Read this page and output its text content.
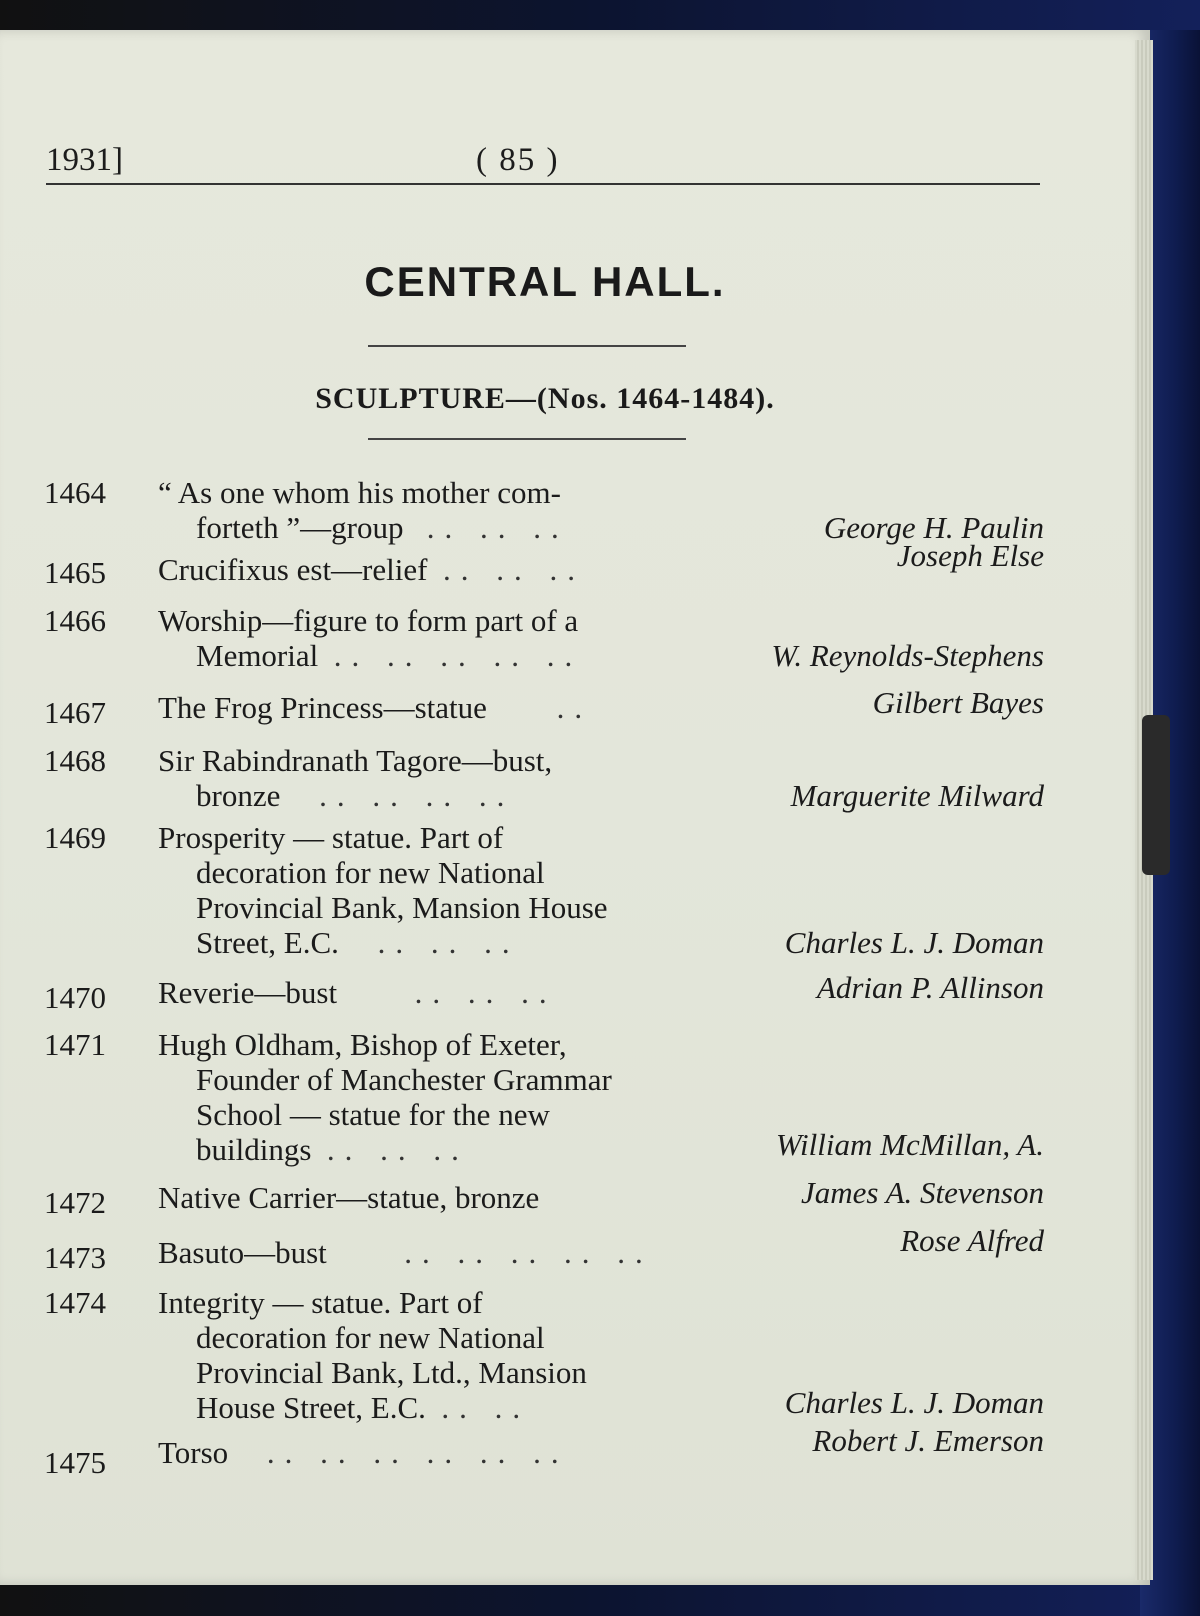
1931]	( 85 )
CENTRAL HALL.
SCULPTURE—(Nos. 1464-1484).
1464 “ As one whom his mother com-
forteth ”—group .. .. ..	George H. Paulin
1465 Crucifixus est—relief .. .. ..	Joseph Else
1466 Worship—figure to form part of a
Memorial .. .. .. .. ..	W. Reynolds-Stephens
1467 The Frog Princess—statue ..	Gilbert Bayes
1468 Sir Rabindranath Tagore—bust,
bronze .. .. .. ..	Marguerite Milward
1469 Prosperity — statue. Part of
decoration for new National
Provincial Bank, Mansion House
Street, E.C. .. .. ..	Charles L. J. Doman
1470 Reverie—bust	.. .. ..	Adrian P. Allinson
1471 Hugh Oldham, Bishop of Exeter,
Founder of Manchester Grammar
School — statue for the new
buildings .. .. ..	William McMillan, A.
1472 Native Carrier—statue, bronze	James A. Stevenson
1473 Basuto—bust	.. .. .. .. ..	Rose Alfred
1474 Integrity — statue. Part of
decoration for new National
Provincial Bank, Ltd., Mansion
House Street, E.C. .. ..	Charles L. J. Doman
1475 Torso .. .. .. .. .. ..	Robert J. Emerson
